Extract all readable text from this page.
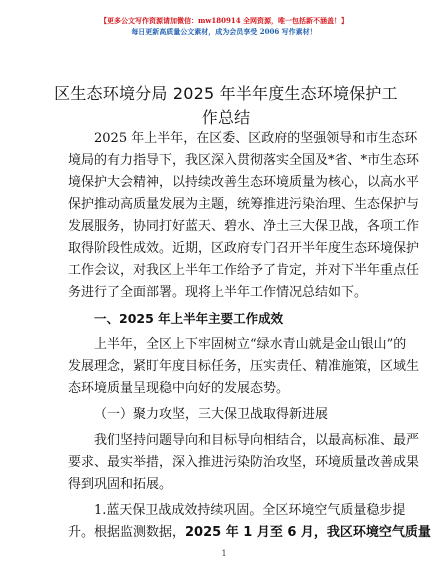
【更多公文写作资源请加微信：mw180914 全网资源，唯一包括新不涵盖！】
每日更新高质量公文素材，成为会员享受 2006 写作素材！
区生态环境分局 2025 年半年度生态环境保护工
作总结

2025 年上半年，在区委、区政府的坚强领导和市生态环
境局的有力指导下，我区深入贯彻落实全国及*省、*市生态环
境保护大会精神，以持续改善生态环境质量为核心，以高水平
保护推动高质量发展为主题，统筹推进污染治理、生态保护与
发展服务，协同打好蓝天、碧水、净土三大保卫战，各项工作
取得阶段性成效。近期，区政府专门召开半年度生态环境保护
工作会议，对我区上半年工作给予了肯定，并对下半年重点任
务进行了全面部署。现将上半年工作情况总结如下。

一、2025 年上半年主要工作成效

上半年，全区上下牢固树立“绿水青山就是金山银山”的
发展理念，紧盯年度目标任务，压实责任、精准施策，区域生
态环境质量呈现稳中向好的发展态势。

（一）聚力攻坚，三大保卫战取得新进展

我们坚持问题导向和目标导向相结合，以最高标准、最严
要求、最实举措，深入推进污染防治攻坚，环境质量改善成果
得到巩固和拓展。

1.蓝天保卫战成效持续巩固。全区环境空气质量稳步提
升。根据监测数据，2025 年 1 月至 6 月，我区环境空气质量

1
